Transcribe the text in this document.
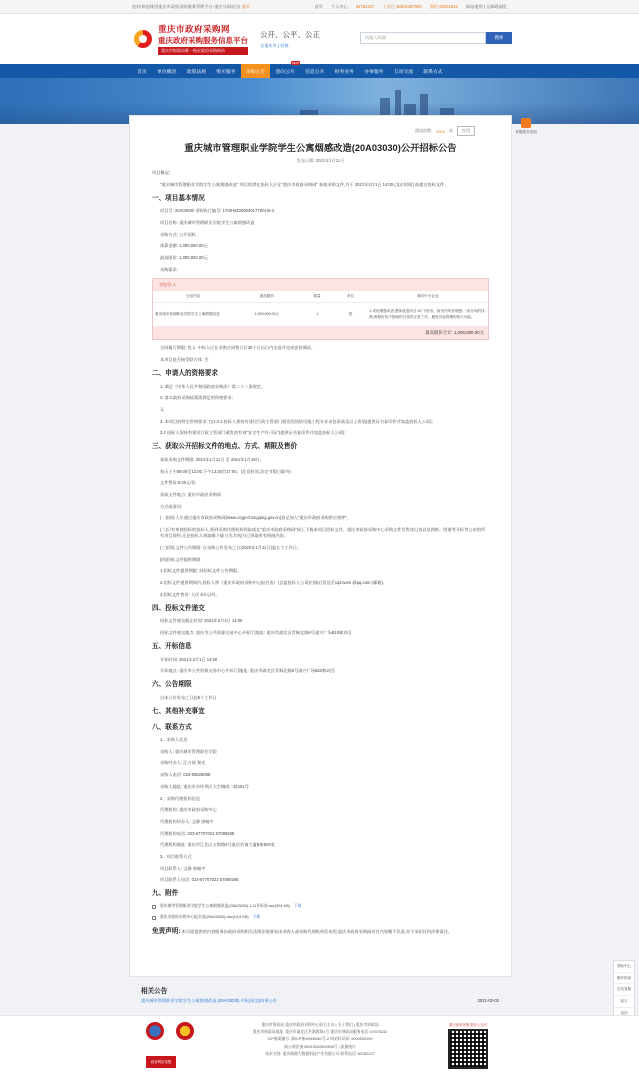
您好!欢迎使用重庆市政府采购服务管理平台-重庆分网站点! 重庆	首页 个人中心 63762227 工作日 18516187605 预约 66231622 网站地图 | 无障碍浏览
重庆市政府采购网
重庆政府采购服务信息平台
重庆市财政局唯一指定政府采购网站
公开、公平、公正
全重庆市 | 切换
请输入标题	搜索
首页 单位概况 政策法规 购买服务 采购公告 意向公开
NEW
信息公开 财务业务 办事服务 互动交流 联系方式
采购服务说明
阅读次数: 2500 次	打印
重庆城市管理职业学院学生公寓烟感改造(20A03030)公开招标公告
发布日期: 2021年1月11日

项目概况:

"重庆城市管理职业学院学生公寓烟感改造" 项目的潜在投标人应在"重庆市政府采购网" 获取采购文件,并于 2021年2月1日 14:00 (北京时间) 前提交投标文件。

一、项目基本情况

项目号: 20A03030 采购执行编号: 1708-BZ2000401779AHS-2

项目名称: 重庆城市管理职业学院学生公寓烟感改造

采购方式: 公开招标

预算金额: 1,000,000.00元

最高限价: 1,000,000.00元

采购需求:

分包号: 1
分包内容	最高限价	数量	单位	面向中小企业
重庆城市管理职业学院学生公寓烟感改造	1,000,000.00元	1	批	1.采用烟感或者,整体改造所含 20 个宿舍。宿舍内所有烟感,一条分均的线路,维修好管不影响的日常的正常工作。避免引起管理的报火可能。
最高限价合计: 1,000,000.00元

合同履行期限: 包 1, 中标人应在采购合同签订后30个日历日内交货并完成安装调试。

本项目是否接受联合体: 否

二、申请人的资格要求

1. 满足《中华人民共和国政府采购法》第二十二条规定。

2. 落实政府采购政策需满足的资格要求:

无

3. 本项目的特定资格要求: 包1:3.1 投标人须持有建设行政主管部门颁发的消防设施工程专业承包资质及以上资质(提供证书复印件并加盖投标人公章);

3.2 投标人须持有建设行政主管部门颁发的有效"安全生产许可证"(提供证书复印件并加盖投标人公章);

三、获取公开招标文件的地点、方式、期限及售价

获取采购文件期限: 2021年1月11日 至 2021年1月18日,

每天上午09:00至12:00,下午13:30至17:00。(北京时间,法定节假日除外)

文件售价:0.00元/份

获取文件地点: 重庆市政府采购网

方式或事项:

(一)投标人应通过重庆市政府采购网(www.ccgp-chongqing.gov.cn)登记加入"重庆市政府采购供应商库"。

(二)只有单独投标的投标人,须到采购代理机构领取或在"重庆市政府采购网"网上下载本项目招标文件。重庆市政府采购中心采购文件发售登记表以及图纸、图册等开标等公布的所有项目资料,无论投标人领取哪下载与否,均视为已领取所有图纸内容。

(三)招标文件公告期限: 自采购公告发布之日(2020年1月11日)起五个工作日。

(四)招标文件提供期限

1.招标文件提供期限: 同招标文件公告期限。

2.招标文件提供期间内,投标人将《重庆市政府采购中心报名表》(含盖投标人公章)扫描后发送至cqzcwen @qq.com (邮箱)。

3.招标文件售价: 人民币0元/份。

四、投标文件递交

投标文件递交截止时间: 2021年2月1日 14:00

投标文件递交地点: 重庆市公共资源交易中心开标厅(地址: 重庆市渝北区青枫北路6号渝兴广场B10栋2层)

五、开标信息

开标时间: 2021年2月1日 14:00

开标地点: 重庆市公共资源交易中心开标厅(地址: 重庆市渝北区青枫北路6号渝兴广场B10栋2层)

六、公告期限

自本公告发布之日起5个工作日

七、其他补充事宜
八、联系方式

1、采购人信息

采购人: 重庆城市管理职业学院

采购经办人: 汪万福 黎光

采购人电话: 023-65626068

采购人地址: 重庆市沙坪坝区大学城南二路151号

2、采购代理机构信息

代理机构: 重庆市政府采购中心

代理机构经办人: 文静 唐畅宇

代理机构电话: 023-67707022 67089268

代理机构地址: 重庆市江北区五简路2号重庆咨询大厦B座503室

3、项目联系方式

项目联系人: 文静 唐畅宇

项目联系人电话: 023-67707022 67089268

九、附件
重庆城市管理职业学院学生公寓烟感改造(20A03030) 1.11开标前.doc(304 KB) 下载
重庆市政府采购中心报名表(20A03030).doc(14.5 KB) 下载
免责声明: 本页面提供的内容服务由政府采购相关法律法规要求由采购人或采购代理机构发布的,重庆市政府采购网对其内容概不负责,亦不承担任何法律责任。
帮助中心
操作指南
在线客服
留言
返回
相关公告
重庆城市管理职业学院学生公寓烟感改造 (20A03030) 中标(成交)结果公告	2021-02-02
政府网站找错
重庆市财政局 重庆市政府采购中心联合主办 | 关于我们 | 重庆市财政局
重庆市财政局地址: 重庆市渝北区洪湖西路1号 重庆市财政局服务电话: 67575232
ICP备案编号: 渝ICP备19008961号-2 网站标识码: 5000000100
渝公网安备 50019002501906号 | 流量统计
技术支持: 重庆瑞鼎大数据科技产业有限公司 联系电话: 63762227
重庆政府采购 微信公众号
